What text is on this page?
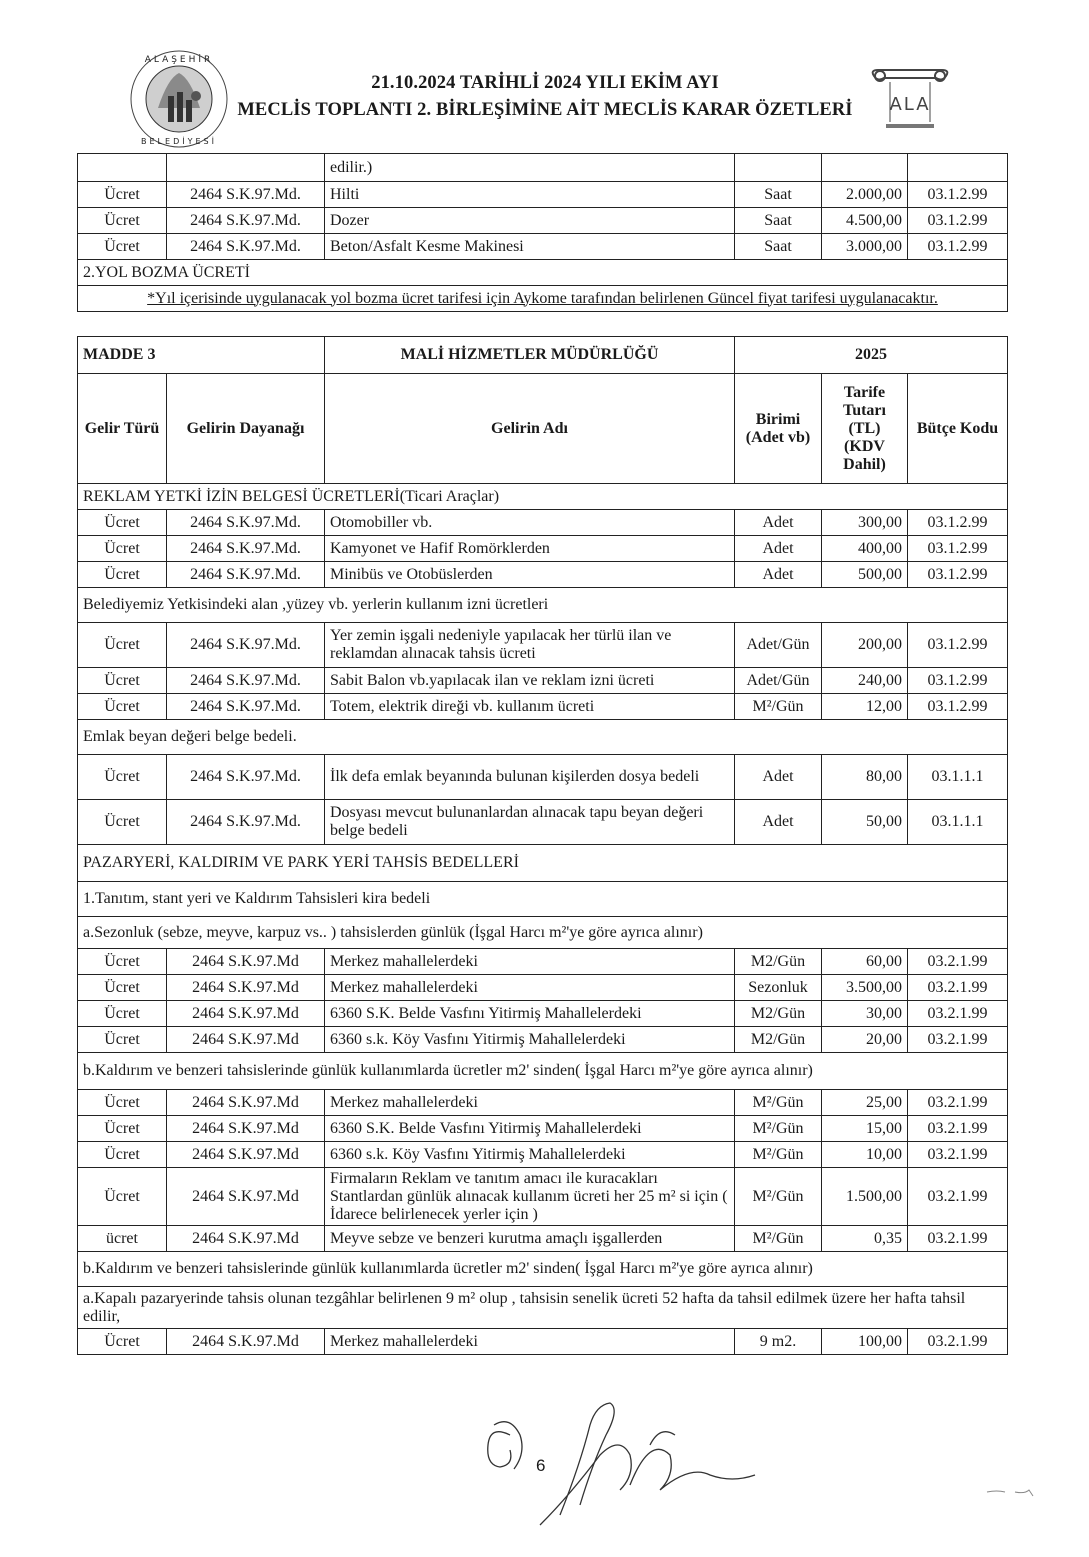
ALAŞEHİR
BELEDİYESİ
21.10.2024 TARİHLİ 2024 YILI EKİM AYI
MECLİS TOPLANTI 2. BİRLEŞİMİNE AİT MECLİS KARAR ÖZETLERİ	ALA
		edilir.)			
Ücret	2464 S.K.97.Md.	Hilti	Saat	2.000,00	03.1.2.99
Ücret	2464 S.K.97.Md.	Dozer	Saat	4.500,00	03.1.2.99
Ücret	2464 S.K.97.Md.	Beton/Asfalt Kesme Makinesi	Saat	3.000,00	03.1.2.99
2.YOL BOZMA ÜCRETİ					
*Yıl içerisinde uygulanacak yol bozma ücret tarifesi için Aykome tarafından belirlenen Güncel fiyat tarifesi uygulanacaktır.					
MADDE 3		MALİ HİZMETLER MÜDÜRLÜĞÜ	2025		
Gelir Türü	Gelirin Dayanağı	Gelirin Adı	Birimi (Adet vb)	Tarife Tutarı (TL) (KDV Dahil)	Bütçe Kodu
REKLAM YETKİ İZİN BELGESİ ÜCRETLERİ(Ticari Araçlar)					
Ücret	2464 S.K.97.Md.	Otomobiller vb.	Adet	300,00	03.1.2.99
Ücret	2464 S.K.97.Md.	Kamyonet ve Hafif Romörklerden	Adet	400,00	03.1.2.99
Ücret	2464 S.K.97.Md.	Minibüs ve Otobüslerden	Adet	500,00	03.1.2.99
Belediyemiz Yetkisindeki alan ,yüzey vb. yerlerin kullanım izni ücretleri					
Ücret	2464 S.K.97.Md.	Yer zemin işgali nedeniyle yapılacak her türlü ilan ve reklamdan alınacak tahsis ücreti	Adet/Gün	200,00	03.1.2.99
Ücret	2464 S.K.97.Md.	Sabit Balon vb.yapılacak ilan ve reklam izni ücreti	Adet/Gün	240,00	03.1.2.99
Ücret	2464 S.K.97.Md.	Totem, elektrik direği vb. kullanım ücreti	M²/Gün	12,00	03.1.2.99
Emlak beyan değeri belge bedeli.					
Ücret	2464 S.K.97.Md.	İlk defa emlak beyanında bulunan kişilerden dosya bedeli	Adet	80,00	03.1.1.1
Ücret	2464 S.K.97.Md.	Dosyası mevcut bulunanlardan alınacak tapu beyan değeri belge bedeli	Adet	50,00	03.1.1.1
PAZARYERİ, KALDIRIM VE PARK YERİ TAHSİS BEDELLERİ					
1.Tanıtım, stant yeri ve Kaldırım Tahsisleri kira bedeli					
a.Sezonluk (sebze, meyve, karpuz vs.. ) tahsislerden günlük (İşgal Harcı m²'ye göre ayrıca alınır)					
Ücret	2464 S.K.97.Md	Merkez mahallelerdeki	M2/Gün	60,00	03.2.1.99
Ücret	2464 S.K.97.Md	Merkez mahallelerdeki	Sezonluk	3.500,00	03.2.1.99
Ücret	2464 S.K.97.Md	6360 S.K. Belde Vasfını Yitirmiş Mahallelerdeki	M2/Gün	30,00	03.2.1.99
Ücret	2464 S.K.97.Md	6360 s.k. Köy Vasfını Yitirmiş Mahallelerdeki	M2/Gün	20,00	03.2.1.99
b.Kaldırım ve benzeri tahsislerinde günlük kullanımlarda ücretler m2' sinden( İşgal Harcı m²'ye göre ayrıca alınır)					
Ücret	2464 S.K.97.Md	Merkez mahallelerdeki	M²/Gün	25,00	03.2.1.99
Ücret	2464 S.K.97.Md	6360 S.K. Belde Vasfını Yitirmiş Mahallelerdeki	M²/Gün	15,00	03.2.1.99
Ücret	2464 S.K.97.Md	6360 s.k. Köy Vasfını Yitirmiş Mahallelerdeki	M²/Gün	10,00	03.2.1.99
Ücret	2464 S.K.97.Md	Firmaların Reklam ve tanıtım amacı ile kuracakları Stantlardan günlük alınacak kullanım ücreti her 25 m² si için ( İdarece belirlenecek yerler için )	M²/Gün	1.500,00	03.2.1.99
ücret	2464 S.K.97.Md	Meyve sebze ve benzeri kurutma amaçlı işgallerden	M²/Gün	0,35	03.2.1.99
b.Kaldırım ve benzeri tahsislerinde günlük kullanımlarda ücretler m2' sinden( İşgal Harcı m²'ye göre ayrıca alınır)					
a.Kapalı pazaryerinde tahsis olunan tezgâhlar belirlenen 9 m² olup , tahsisin senelik ücreti 52 hafta da tahsil edilmek üzere her hafta tahsil edilir,					
Ücret	2464 S.K.97.Md	Merkez mahallelerdeki	9 m2.	100,00	03.2.1.99
6
